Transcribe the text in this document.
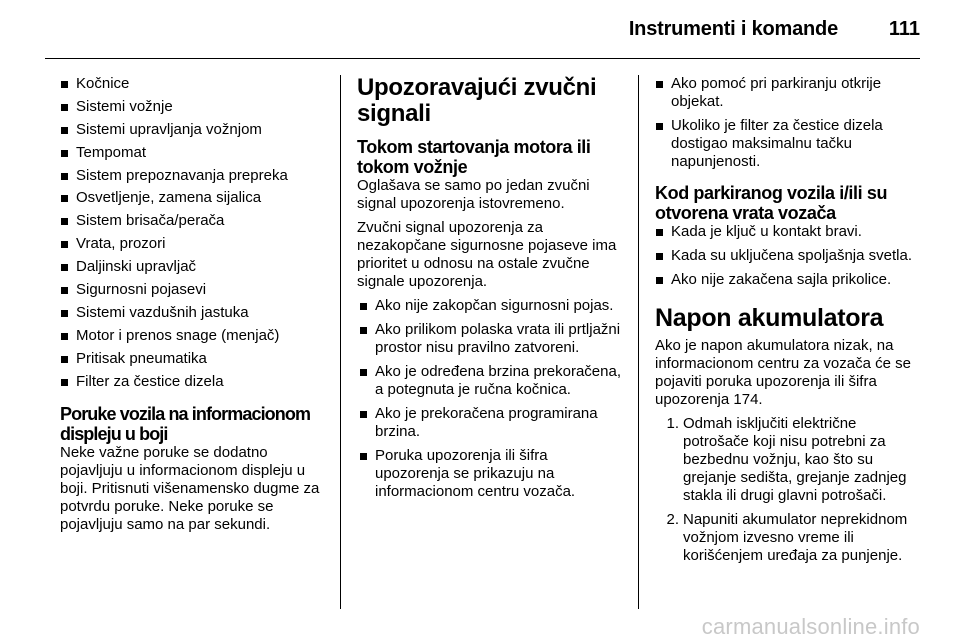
Instrumenti i komande	111
Kočnice
Sistemi vožnje
Sistemi upravljanja vožnjom
Tempomat
Sistem prepoznavanja prepreka
Osvetljenje, zamena sijalica
Sistem brisača/perača
Vrata, prozori
Daljinski upravljač
Sigurnosni pojasevi
Sistemi vazdušnih jastuka
Motor i prenos snage (menjač)
Pritisak pneumatika
Filter za čestice dizela
Poruke vozila na informacionom displeju u boji

Neke važne poruke se dodatno pojavljuju u informacionom displeju u boji. Pritisnuti višenamensko dugme za potvrdu poruke. Neke poruke se pojavljuju samo na par sekundi.

Upozoravajući zvučni signali
Tokom startovanja motora ili tokom vožnje

Oglašava se samo po jedan zvučni signal upozorenja istovremeno.

Zvučni signal upozorenja za nezakopčane sigurnosne pojaseve ima prioritet u odnosu na ostale zvučne signale upozorenja.

Ako nije zakopčan sigurnosni pojas.
Ako prilikom polaska vrata ili prtljažni prostor nisu pravilno zatvoreni.
Ako je određena brzina prekoračena, a potegnuta je ručna kočnica.
Ako je prekoračena programirana brzina.
Poruka upozorenja ili šifra upozorenja se prikazuju na informacionom centru vozača.
Ako pomoć pri parkiranju otkrije objekat.
Ukoliko je filter za čestice dizela dostigao maksimalnu tačku napunjenosti.
Kod parkiranog vozila i/ili su otvorena vrata vozača
Kada je ključ u kontakt bravi.
Kada su uključena spoljašnja svetla.
Ako nije zakačena sajla prikolice.
Napon akumulatora

Ako je napon akumulatora nizak, na informacionom centru za vozača će se pojaviti poruka upozorenja ili šifra upozorenja 174.

1. Odmah isključiti električne potrošače koji nisu potrebni za bezbednu vožnju, kao što su grejanje sedišta, grejanje zadnjeg stakla ili drugi glavni potrošači.
2. Napuniti akumulator neprekidnom vožnjom izvesno vreme ili korišćenjem uređaja za punjenje.
carmanualsonline.info
